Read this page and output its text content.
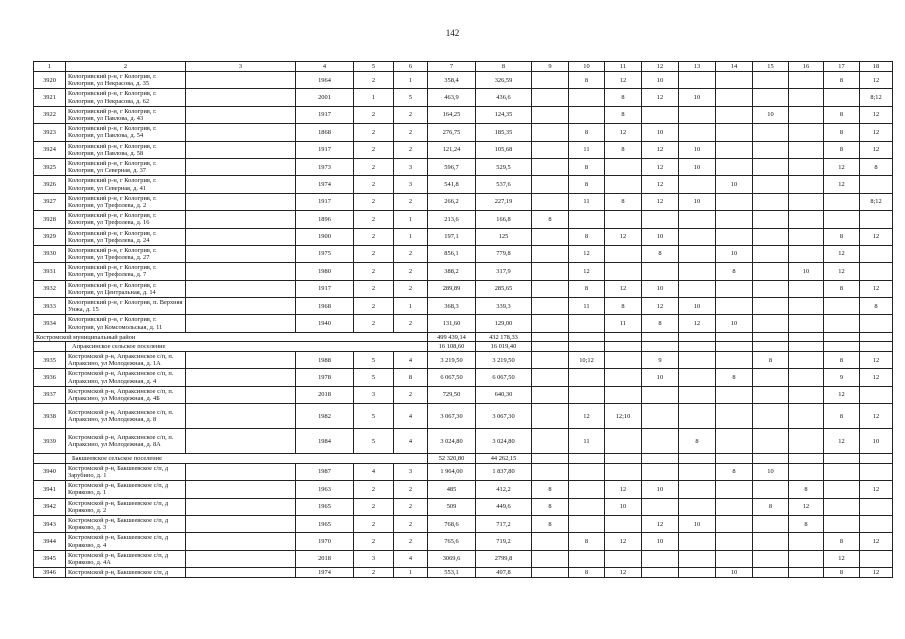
142
1	2	3	4	5	6	7	8	9	10	11	12	13	14	15	16	17	18
3920	Кологривский р-н, г Кологрив, г. Кологрив, ул Некрасова, д. 35		1964	2	1	358,4	326,59		8	12	10					8	12
3921	Кологривский р-н, г Кологрив, г. Кологрив, ул Некрасова, д. 62		2001	1	5	463,9	436,6			8	12	10					8;12
3922	Кологривский р-н, г Кологрив, г. Кологрив, ул Павлова, д. 43		1917	2	2	164,25	124,35			8				10		8	12
3923	Кологривский р-н, г Кологрив, г. Кологрив, ул Павлова, д. 54		1868	2	2	276,75	185,35		8	12	10					8	12
3924	Кологривский р-н, г Кологрив, г. Кологрив, ул Павлова, д. 58		1917	2	2	121,24	105,68		11	8	12	10				8	12
3925	Кологривский р-н, г Кологрив, г. Кологрив, ул Северная, д. 37		1973	2	3	596,7	529,5		8		12	10				12	8
3926	Кологривский р-н, г Кологрив, г. Кологрив, ул Северная, д. 41		1974	2	3	541,8	537,6		8		12		10			12	
3927	Кологривский р-н, г Кологрив, г. Кологрив, ул Трефолева, д. 2		1917	2	2	266,2	227,19		11	8	12	10					8;12
3928	Кологривский р-н, г Кологрив, г. Кологрив, ул Трефолева, д. 16		1896	2	1	213,6	166,8	8									
3929	Кологривский р-н, г Кологрив, г. Кологрив, ул Трефолева, д. 24		1900	2	1	197,1	125		8	12	10					8	12
3930	Кологривский р-н, г Кологрив, г. Кологрив, ул Трефолева, д. 27		1975	2	2	856,1	779,8		12		8		10			12	
3931	Кологривский р-н, г Кологрив, г. Кологрив, ул Трефолева, д. 7		1980	2	2	388,2	317,9		12				8		10	12	
3932	Кологривский р-н, г Кологрив, г. Кологрив, ул Центральная, д. 14		1917	2	2	289,89	285,65		8	12	10					8	12
3933	Кологривский р-н, г Кологрив, п. Верхняя Унжа, д. 15		1968	2	1	368,3	339,3		11	8	12	10					8
3934	Кологривский р-н, г Кологрив, г. Кологрив, ул Комсомольская, д. 11		1940	2	2	131,60	129,00			11	8	12	10				
Костромской муниципальный район						499 439,14	432 178,33										
	Апраксинское сельское поселение					16 108,60	16 019,40										
3935	Костромской р-н, Апраксинское с/п, п. Апраксино, ул Молодежная, д. 1А		1988	5	4	3 219,50	3 219,50		10;12		9			8		8	12
3936	Костромской р-н, Апраксинское с/п, п. Апраксино, ул Молодежная, д. 4		1978	5	8	6 067,50	6 067,50				10		8			9	12
3937	Костромской р-н, Апраксинское с/п, п. Апраксино, ул Молодежная, д. 4Б		2018	3	2	729,50	640,30									12	
3938	Костромской р-н, Апраксинское с/п, п. Апраксино, ул Молодежная, д. 8		1982	5	4	3 067,30	3 067,30		12	12;10						8	12
3939	Костромской р-н, Апраксинское с/п, п. Апраксино, ул Молодежная, д. 8А		1984	5	4	3 024,80	3 024,80		11			8				12	10
	Бакшеевское сельское поселение					52 320,80	44 262,15										
3940	Костромской р-н, Бакшеевское с/п, д Зарубино, д. 1		1987	4	3	1 964,00	1 837,80						8	10			
3941	Костромской р-н, Бакшеевское с/п, д Коряково, д. 1		1963	2	2	485	412,2	8		12	10				8		12
3942	Костромской р-н, Бакшеевское с/п, д Коряково, д. 2		1965	2	2	509	449,6	8		10				8	12		
3943	Костромской р-н, Бакшеевское с/п, д Коряково, д. 3		1965	2	2	768,6	717,2	8			12	10			8		
3944	Костромской р-н, Бакшеевское с/п, д Коряково, д. 4		1970	2	2	765,6	719,2		8	12	10					8	12
3945	Костромской р-н, Бакшеевское с/п, д Коряково, д. 4А		2018	3	4	3069,6	2799,8									12	
3946	Костромской р-н, Бакшеевское с/п, д		1974	2	1	553,1	497,8		8	12			10			8	12
